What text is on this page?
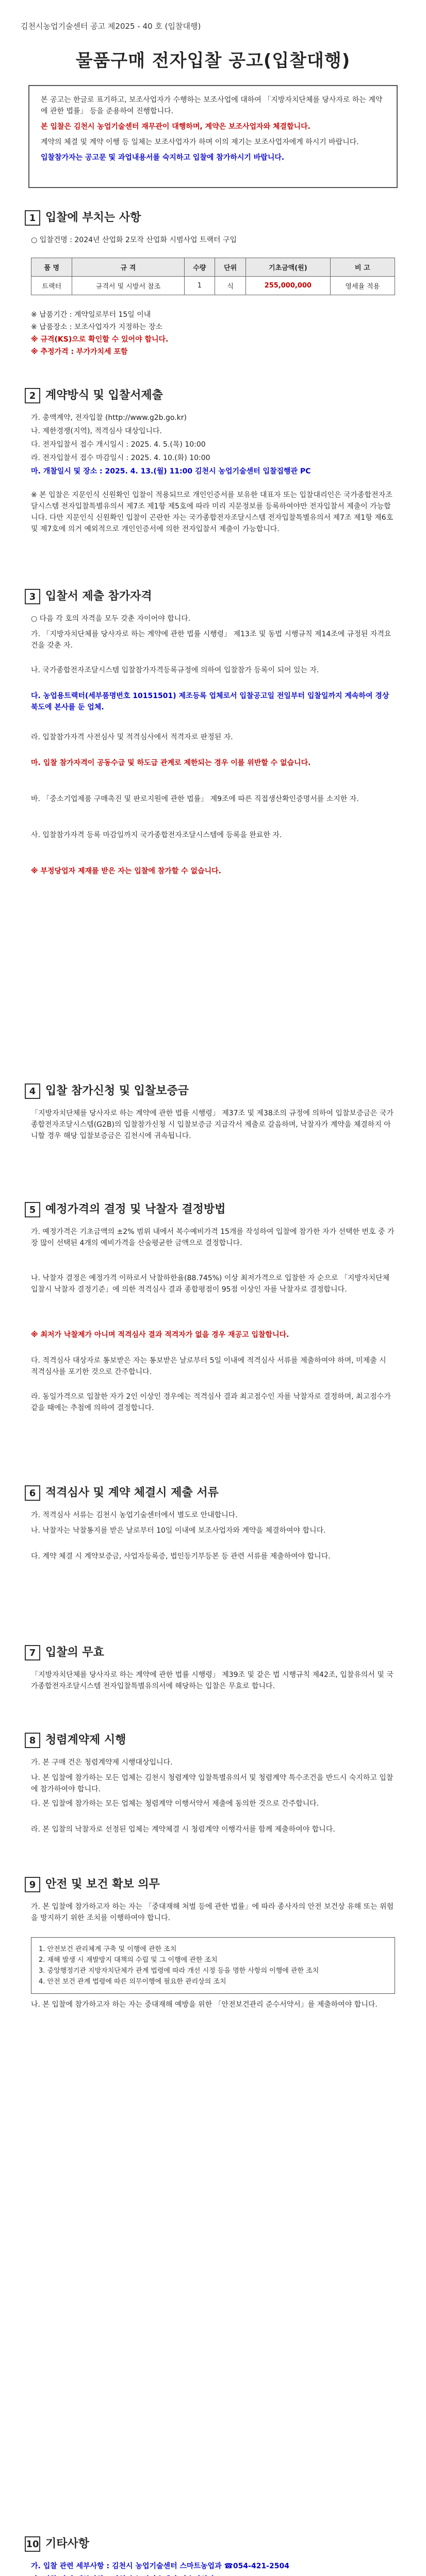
김천시농업기술센터 공고 제2025 - 40 호 (입찰대행)
물품구매 전자입찰 공고(입찰대행)

본 공고는 한글로 표기하고, 보조사업자가 수행하는 보조사업에 대하여 「지방자치단체를 당사자로 하는 계약에 관한 법률」 등을 준용하여 진행합니다.

본 입찰은 김천시 농업기술센터 재무관이 대행하며, 계약은 보조사업자와 체결합니다.

계약의 체결 및 계약 이행 등 일체는 보조사업자가 하며 이의 제기는 보조사업자에게 하시기 바랍니다.

입찰참가자는 공고문 및 과업내용서를 숙지하고 입찰에 참가하시기 바랍니다.

1 입찰에 부치는 사항
○ 입찰건명 : 2024년 산업화 2모작 산업화 시범사업 트랙터 구입
품 명	규 격	수량	단위	기초금액(원)	비 고
트랙터	규격서 및 시방서 참조	1	식	255,000,000	영세율 적용
※ 납품기간 : 계약일로부터 15일 이내
※ 납품장소 : 보조사업자가 지정하는 장소
※ 규격(KS)으로 확인할 수 있어야 합니다.
※ 추정가격 : 부가가치세 포함
2 계약방식 및 입찰서제출
가. 총액계약, 전자입찰 (http://www.g2b.go.kr)
나. 제한경쟁(지역), 적격심사 대상입니다.
다. 전자입찰서 접수 개시일시 : 2025. 4. 5.(목) 10:00
라. 전자입찰서 접수 마감일시 : 2025. 4. 10.(화) 10:00
마. 개찰일시 및 장소 : 2025. 4. 13.(월) 11:00 김천시 농업기술센터 입찰집행관 PC
※ 본 입찰은 지문인식 신원확인 입찰이 적용되므로 개인인증서를 보유한 대표자 또는 입찰대리인은 국가종합전자조달시스템 전자입찰특별유의서 제7조 제1항 제5호에 따라 미리 지문정보를 등록하여야만 전자입찰서 제출이 가능합니다. 다만 지문인식 신원확인 입찰이 곤란한 자는 국가종합전자조달시스템 전자입찰특별유의서 제7조 제1항 제6호 및 제7호에 의거 예외적으로 개인인증서에 의한 전자입찰서 제출이 가능합니다.
3 입찰서 제출 참가자격
○ 다음 각 호의 자격을 모두 갖춘 자이어야 합니다.
가. 「지방자치단체를 당사자로 하는 계약에 관한 법률 시행령」 제13조 및 동법 시행규칙 제14조에 규정된 자격요건을 갖춘 자.
나. 국가종합전자조달시스템 입찰참가자격등록규정에 의하여 입찰참가 등록이 되어 있는 자.
다. 농업용트랙터(세부품명번호 10151501) 제조등록 업체로서 입찰공고일 전일부터 입찰일까지 계속하여 경상북도에 본사를 둔 업체.
라. 입찰참가자격 사전심사 및 적격심사에서 적격자로 판정된 자.
마. 입찰 참가자격이 공동수급 및 하도급 관계로 제한되는 경우 이를 위반할 수 없습니다.
바. 「중소기업제품 구매촉진 및 판로지원에 관한 법률」 제9조에 따른 직접생산확인증명서를 소지한 자.
사. 입찰참가자격 등록 마감일까지 국가종합전자조달시스템에 등록을 완료한 자.
※ 부정당업자 제재를 받은 자는 입찰에 참가할 수 없습니다.
4 입찰 참가신청 및 입찰보증금
「지방자치단체를 당사자로 하는 계약에 관한 법률 시행령」 제37조 및 제38조의 규정에 의하여 입찰보증금은 국가종합전자조달시스템(G2B)의 입찰참가신청 시 입찰보증금 지급각서 제출로 갈음하며, 낙찰자가 계약을 체결하지 아니할 경우 해당 입찰보증금은 김천시에 귀속됩니다.
5 예정가격의 결정 및 낙찰자 결정방법
가. 예정가격은 기초금액의 ±2% 범위 내에서 복수예비가격 15개를 작성하여 입찰에 참가한 자가 선택한 번호 중 가장 많이 선택된 4개의 예비가격을 산술평균한 금액으로 결정합니다.
나. 낙찰자 결정은 예정가격 이하로서 낙찰하한율(88.745%) 이상 최저가격으로 입찰한 자 순으로 「지방자치단체 입찰시 낙찰자 결정기준」에 의한 적격심사 결과 종합평점이 95점 이상인 자를 낙찰자로 결정합니다.
※ 최저가 낙찰제가 아니며 적격심사 결과 적격자가 없을 경우 재공고 입찰합니다.
다. 적격심사 대상자로 통보받은 자는 통보받은 날로부터 5일 이내에 적격심사 서류를 제출하여야 하며, 미제출 시 적격심사를 포기한 것으로 간주합니다.
라. 동일가격으로 입찰한 자가 2인 이상인 경우에는 적격심사 결과 최고점수인 자를 낙찰자로 결정하며, 최고점수가 같을 때에는 추첨에 의하여 결정합니다.
6 적격심사 및 계약 체결시 제출 서류
가. 적격심사 서류는 김천시 농업기술센터에서 별도로 안내합니다.
나. 낙찰자는 낙찰통지를 받은 날로부터 10일 이내에 보조사업자와 계약을 체결하여야 합니다.
다. 계약 체결 시 계약보증금, 사업자등록증, 법인등기부등본 등 관련 서류를 제출하여야 합니다.
7 입찰의 무효
「지방자치단체를 당사자로 하는 계약에 관한 법률 시행령」 제39조 및 같은 법 시행규칙 제42조, 입찰유의서 및 국가종합전자조달시스템 전자입찰특별유의서에 해당하는 입찰은 무효로 합니다.
8 청렴계약제 시행
가. 본 구매 건은 청렴계약제 시행대상입니다.
나. 본 입찰에 참가하는 모든 업체는 김천시 청렴계약 입찰특별유의서 및 청렴계약 특수조건을 반드시 숙지하고 입찰에 참가하여야 합니다.
다. 본 입찰에 참가하는 모든 업체는 청렴계약 이행서약서 제출에 동의한 것으로 간주합니다.
라. 본 입찰의 낙찰자로 선정된 업체는 계약체결 시 청렴계약 이행각서를 함께 제출하여야 합니다.
9 안전 및 보건 확보 의무
가. 본 입찰에 참가하고자 하는 자는 「중대재해 처벌 등에 관한 법률」에 따라 종사자의 안전 보건상 유해 또는 위험을 방지하기 위한 조치를 이행하여야 합니다.
1. 안전보건 관리체계 구축 및 이행에 관한 조치
2. 재해 발생 시 재발방지 대책의 수립 및 그 이행에 관한 조치
3. 중앙행정기관 지방자치단체가 관계 법령에 따라 개선 시정 등을 명한 사항의 이행에 관한 조치
4. 안전 보건 관계 법령에 따른 의무이행에 필요한 관리상의 조치
나. 본 입찰에 참가하고자 하는 자는 중대재해 예방을 위한 「안전보건관리 준수서약서」를 제출하여야 합니다.
10 기타사항
가. 입찰 관련 세부사항 : 김천시 농업기술센터 스마트농업과 ☎054-421-2504
